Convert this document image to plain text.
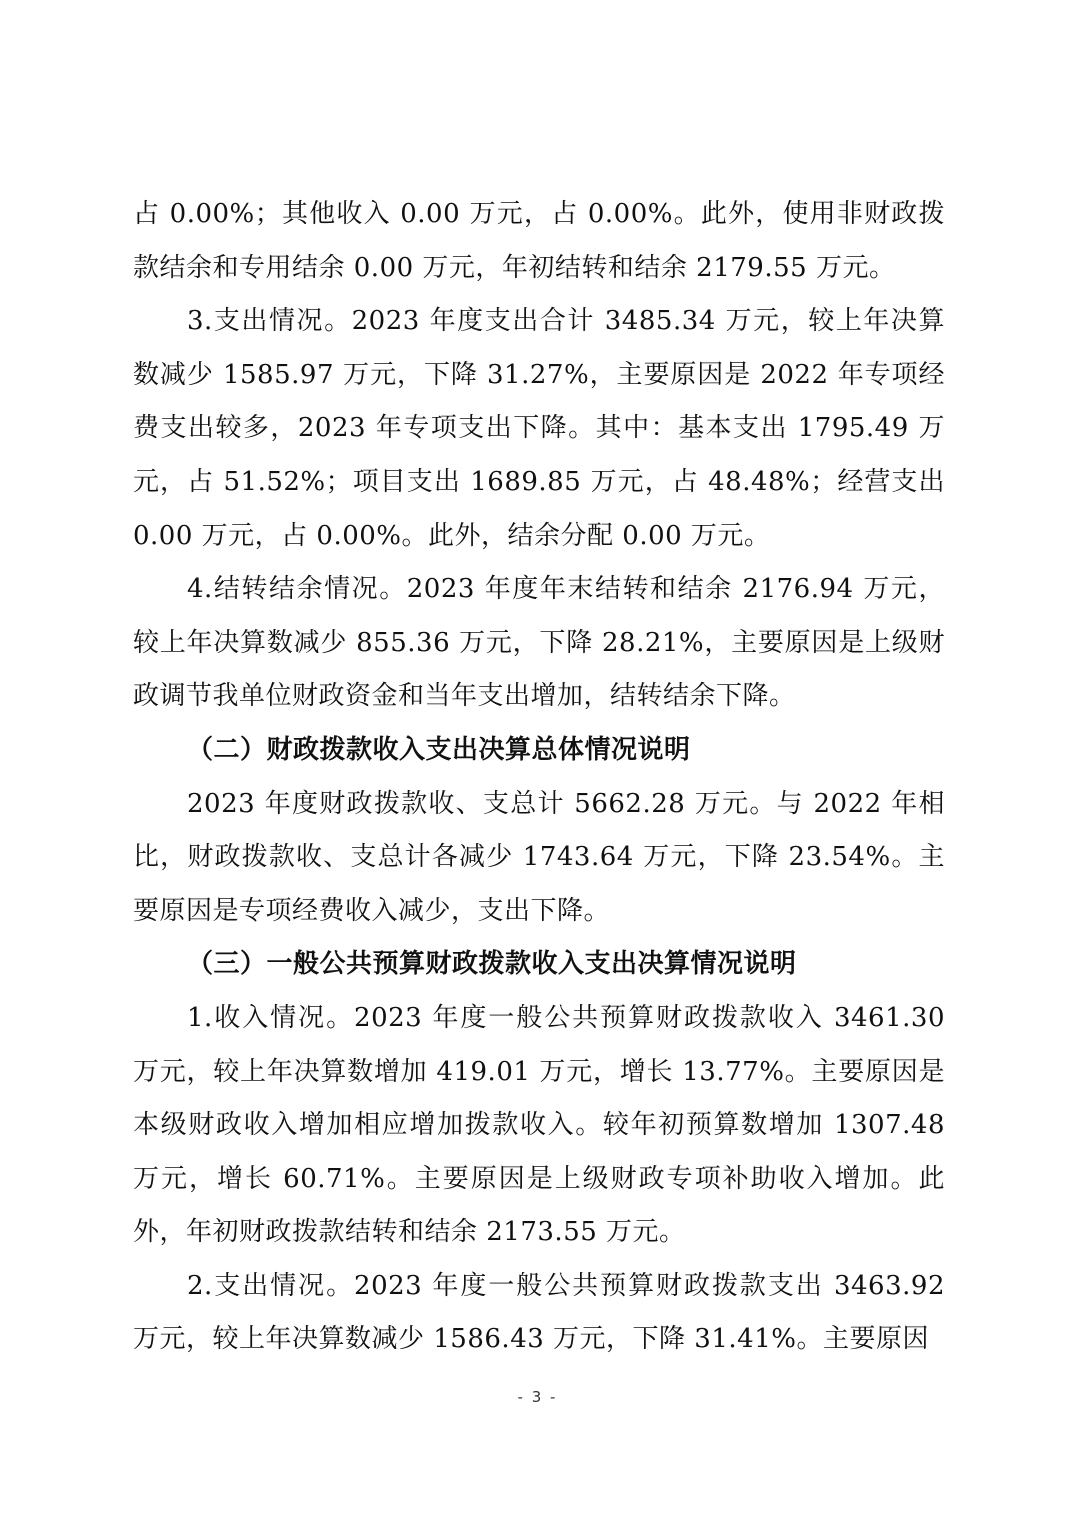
占 0.00%；其他收入 0.00 万元，占 0.00%。此外，使用非财政拨款结余和专用结余 0.00 万元，年初结转和结余 2179.55 万元。

3.支出情况。2023 年度支出合计 3485.34 万元，较上年决算数减少 1585.97 万元，下降 31.27%，主要原因是 2022 年专项经费支出较多，2023 年专项支出下降。其中：基本支出 1795.49 万元，占 51.52%；项目支出 1689.85 万元，占 48.48%；经营支出 0.00 万元，占 0.00%。此外，结余分配 0.00 万元。

4.结转结余情况。2023 年度年末结转和结余 2176.94 万元，较上年决算数减少 855.36 万元，下降 28.21%，主要原因是上级财政调节我单位财政资金和当年支出增加，结转结余下降。

（二）财政拨款收入支出决算总体情况说明

2023 年度财政拨款收、支总计 5662.28 万元。与 2022 年相比，财政拨款收、支总计各减少 1743.64 万元，下降 23.54%。主要原因是专项经费收入减少，支出下降。

（三）一般公共预算财政拨款收入支出决算情况说明

1.收入情况。2023 年度一般公共预算财政拨款收入 3461.30 万元，较上年决算数增加 419.01 万元，增长 13.77%。主要原因是本级财政收入增加相应增加拨款收入。较年初预算数增加 1307.48 万元，增长 60.71%。主要原因是上级财政专项补助收入增加。此外，年初财政拨款结转和结余 2173.55 万元。

2.支出情况。2023 年度一般公共预算财政拨款支出 3463.92 万元，较上年决算数减少 1586.43 万元，下降 31.41%。主要原因

- 3 -
